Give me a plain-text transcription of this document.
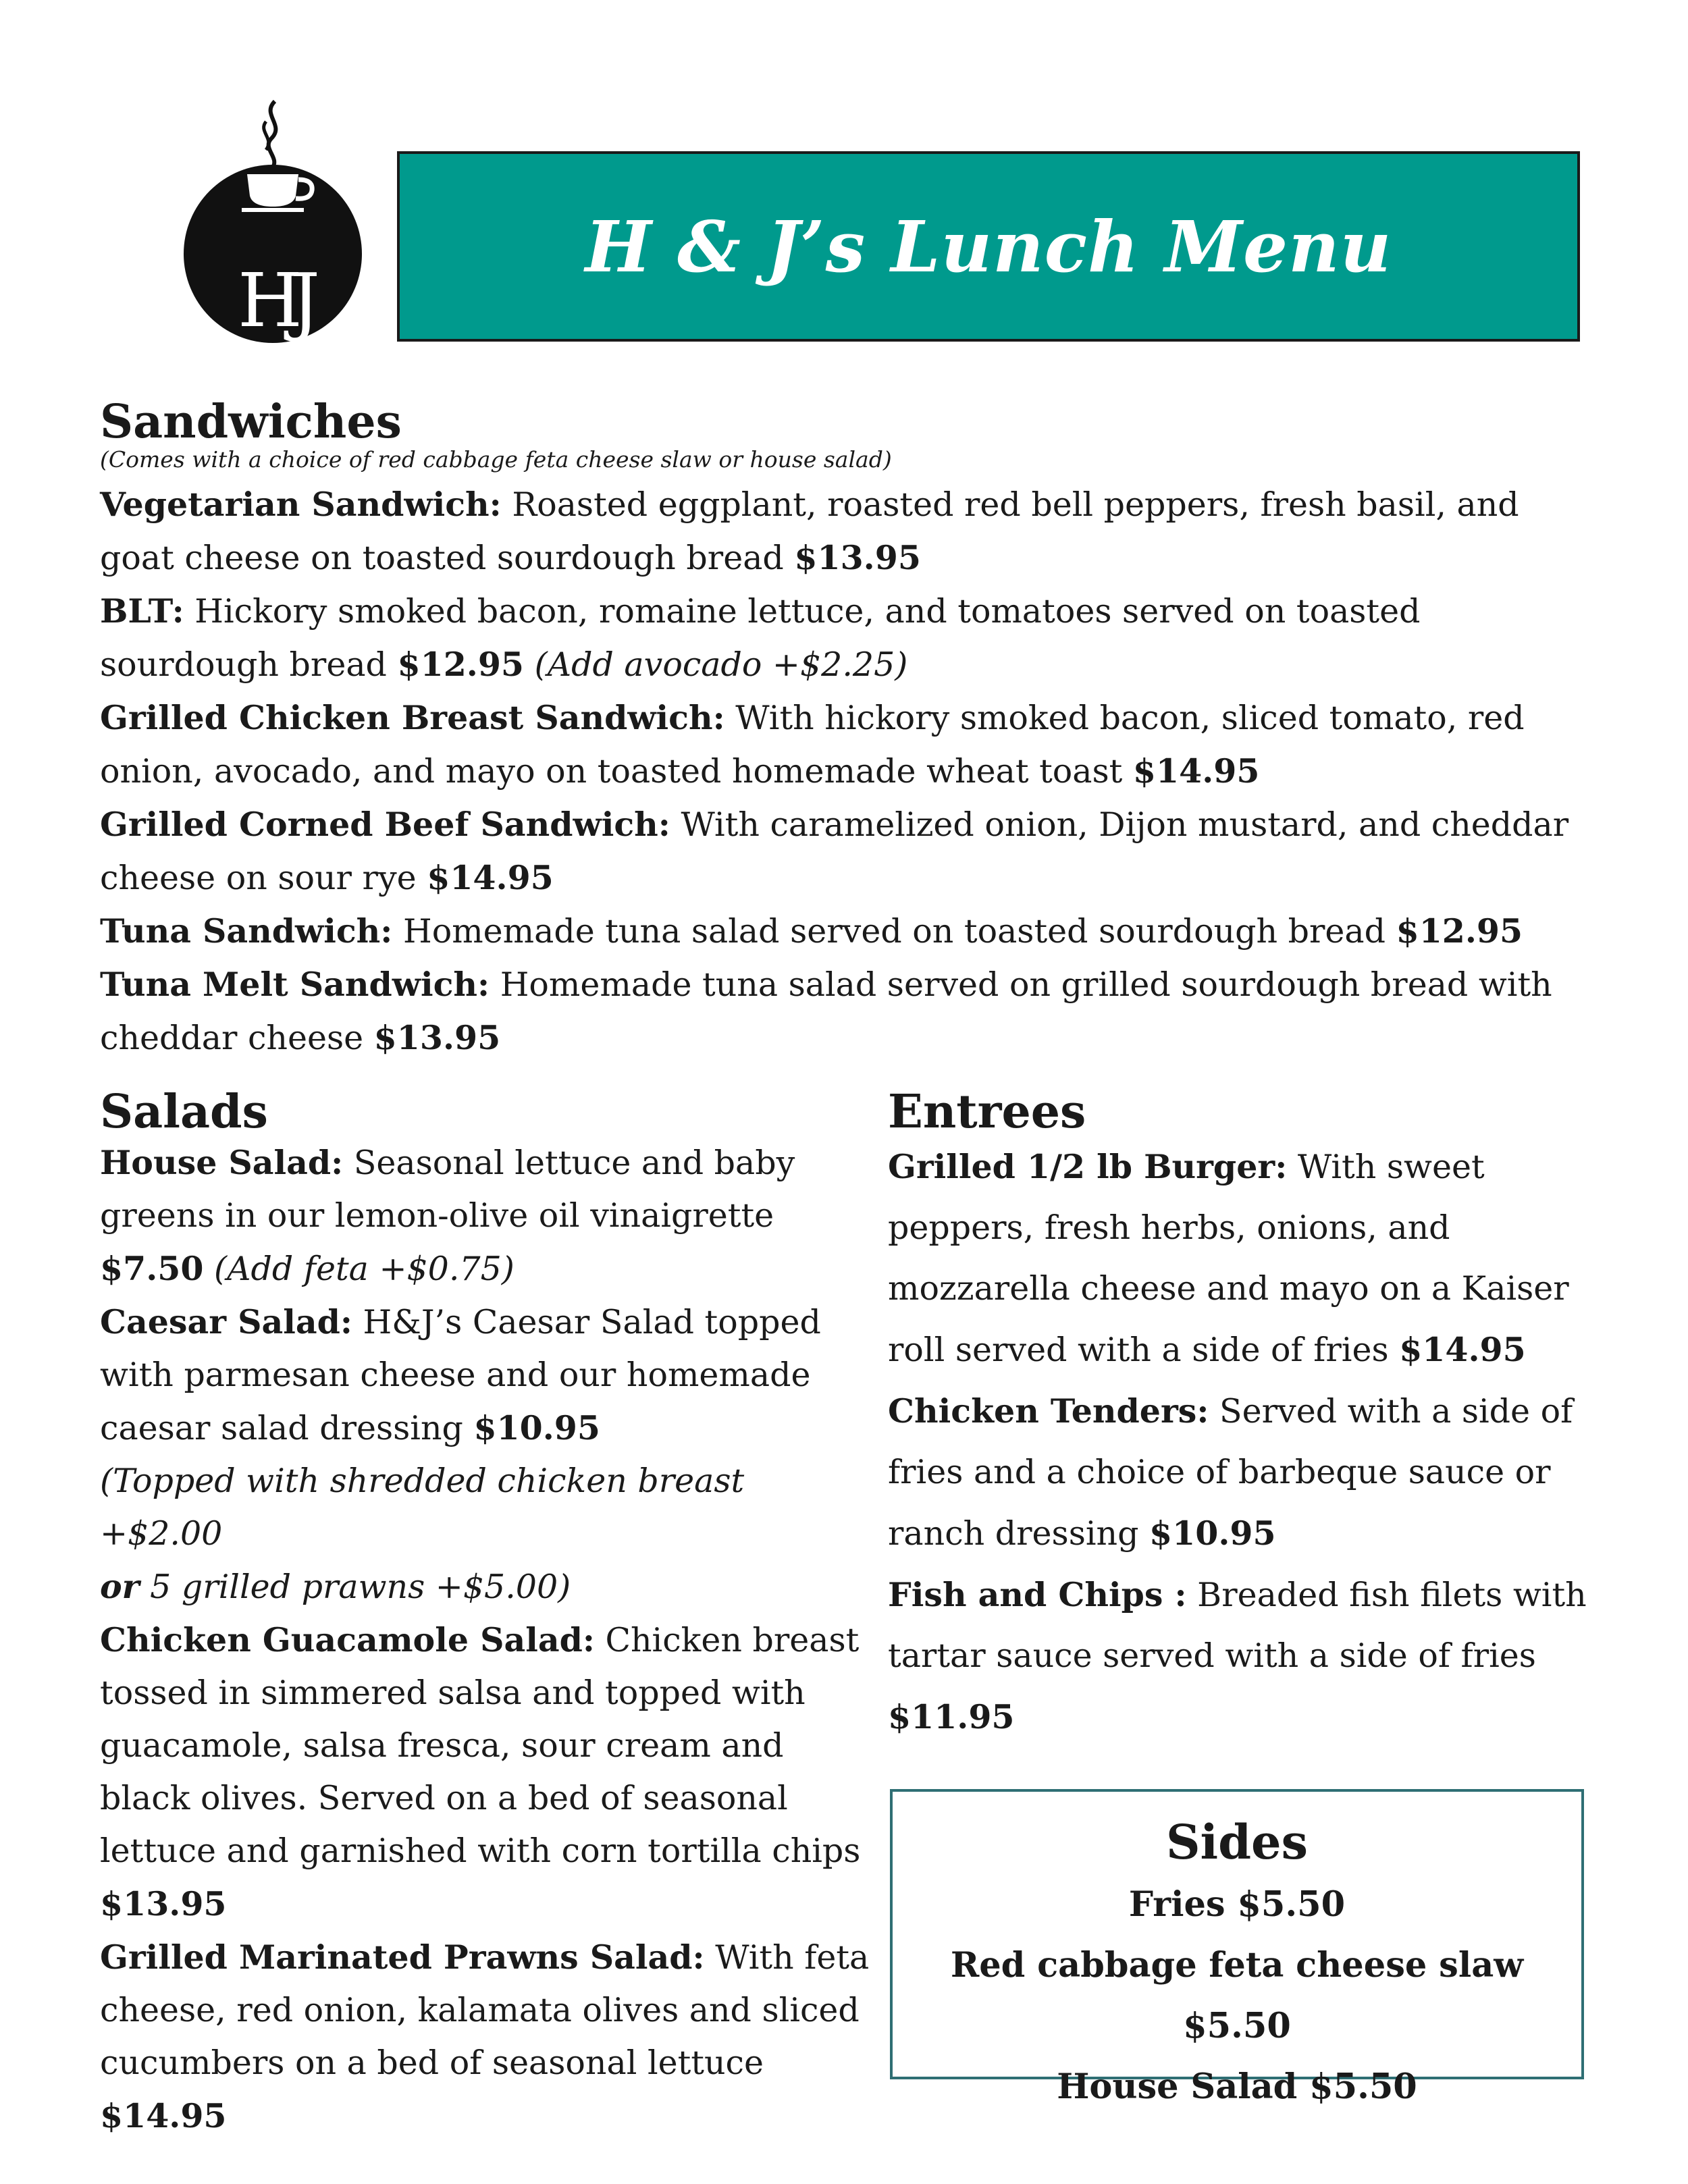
HJ
H & J’s Lunch Menu
Sandwiches

(Comes with a choice of red cabbage feta cheese slaw or house salad)

Vegetarian Sandwich: Roasted eggplant, roasted red bell peppers, fresh basil, and goat cheese on toasted sourdough bread $13.95

BLT: Hickory smoked bacon, romaine lettuce, and tomatoes served on toasted sourdough bread $12.95 (Add avocado +$2.25)

Grilled Chicken Breast Sandwich: With hickory smoked bacon, sliced tomato, red onion, avocado, and mayo on toasted homemade wheat toast $14.95

Grilled Corned Beef Sandwich: With caramelized onion, Dijon mustard, and cheddar cheese on sour rye $14.95

Tuna Sandwich: Homemade tuna salad served on toasted sourdough bread $12.95

Tuna Melt Sandwich: Homemade tuna salad served on grilled sourdough bread with cheddar cheese $13.95

Salads

House Salad: Seasonal lettuce and baby greens in our lemon-olive oil vinaigrette $7.50 (Add feta +$0.75)

Caesar Salad: H&J’s Caesar Salad topped with parmesan cheese and our homemade caesar salad dressing $10.95

(Topped with shredded chicken breast +$2.00
or 5 grilled prawns +$5.00)

Chicken Guacamole Salad: Chicken breast tossed in simmered salsa and topped with guacamole, salsa fresca, sour cream and black olives. Served on a bed of seasonal lettuce and garnished with corn tortilla chips $13.95

Grilled Marinated Prawns Salad: With feta cheese, red onion, kalamata olives and sliced cucumbers on a bed of seasonal lettuce $14.95

Entrees

Grilled 1/2 lb Burger: With sweet peppers, fresh herbs, onions, and mozzarella cheese and mayo on a Kaiser roll served with a side of fries $14.95

Chicken Tenders: Served with a side of fries and a choice of barbeque sauce or ranch dressing $10.95

Fish and Chips : Breaded fish filets with tartar sauce served with a side of fries $11.95

Sides

Fries $5.50

Red cabbage feta cheese slaw $5.50

House Salad $5.50
